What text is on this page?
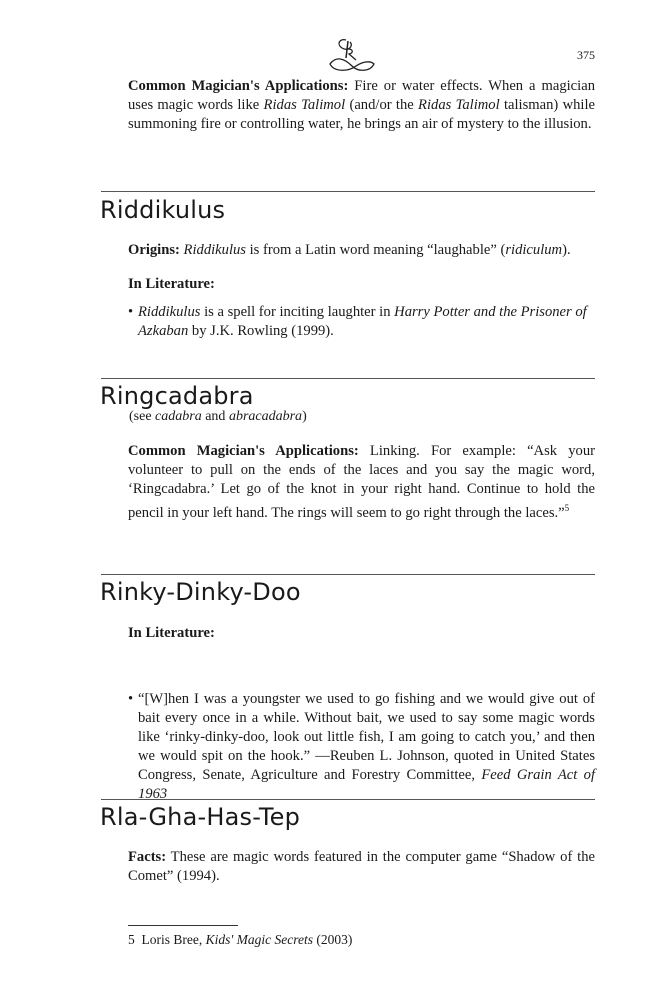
375
Common Magician's Applications: Fire or water effects. When a magician uses magic words like Ridas Talimol (and/or the Ridas Talimol talisman) while summoning fire or controlling water, he brings an air of mystery to the illusion.
Riddikulus
Origins: Riddikulus is from a Latin word meaning “laughable” (ridiculum).
In Literature:
• Riddikulus is a spell for inciting laughter in Harry Potter and the Prisoner of Azkaban by J.K. Rowling (1999).
Ringcadabra
(see cadabra and abracadabra)
Common Magician's Applications: Linking. For example: “Ask your volunteer to pull on the ends of the laces and you say the magic word, ‘Ringcadabra.’ Let go of the knot in your right hand. Continue to hold the pencil in your left hand. The rings will seem to go right through the laces.”$^5$
Rinky-Dinky-Doo
In Literature:
• “[W]hen I was a youngster we used to go fishing and we would give out of bait every once in a while. Without bait, we used to say some magic words like ‘rinky-dinky-doo, look out little fish, I am going to catch you,’ and then we would spit on the hook.” —Reuben L. Johnson, quoted in United States Congress, Senate, Agriculture and Forestry Committee, Feed Grain Act of 1963
Rla-Gha-Has-Tep
Facts: These are magic words featured in the computer game “Shadow of the Comet” (1994).
5  Loris Bree, Kids' Magic Secrets (2003)
